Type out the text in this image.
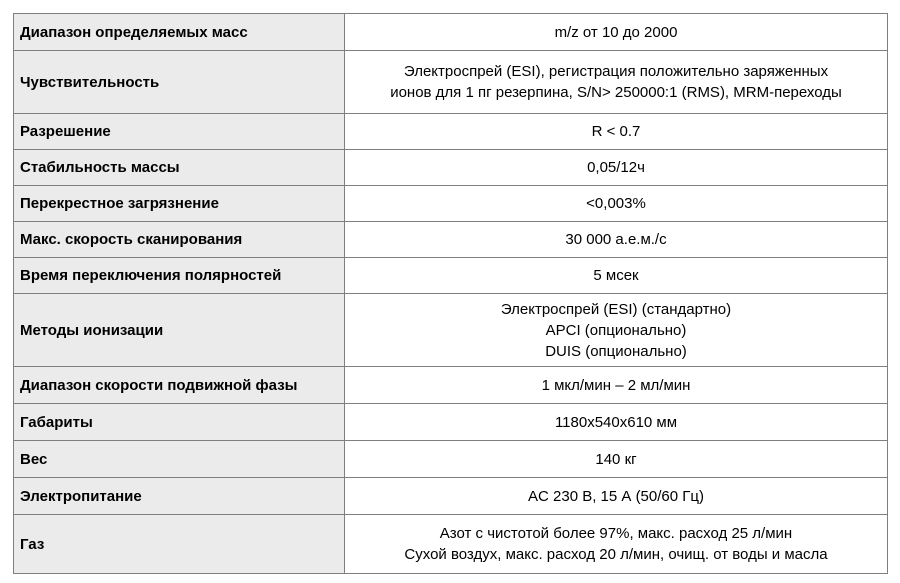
Диапазон определяемых масс	m/z от 10 до 2000

Чувствительность	Электроспрей (ESI), регистрация положительно заряженных
ионов для 1 пг резерпина, S/N> 250000:1 (RMS), MRM-переходы

Разрешение	R < 0.7

Стабильность массы	0,05/12ч

Перекрестное загрязнение	<0,003%

Макс. скорость сканирования	30 000 а.е.м./с

Время переключения полярностей	5 мсек

Методы ионизации	Электроспрей (ESI) (стандартно)
APCI (опционально)
DUIS (опционально)

Диапазон скорости подвижной фазы	1 мкл/мин – 2 мл/мин

Габариты	1180x540x610 мм

Вес	140 кг

Электропитание	AC 230 В, 15 А (50/60 Гц)

Газ	Азот с чистотой более 97%, макс. расход 25 л/мин
Сухой воздух, макс. расход 20 л/мин, очищ. от воды и масла
